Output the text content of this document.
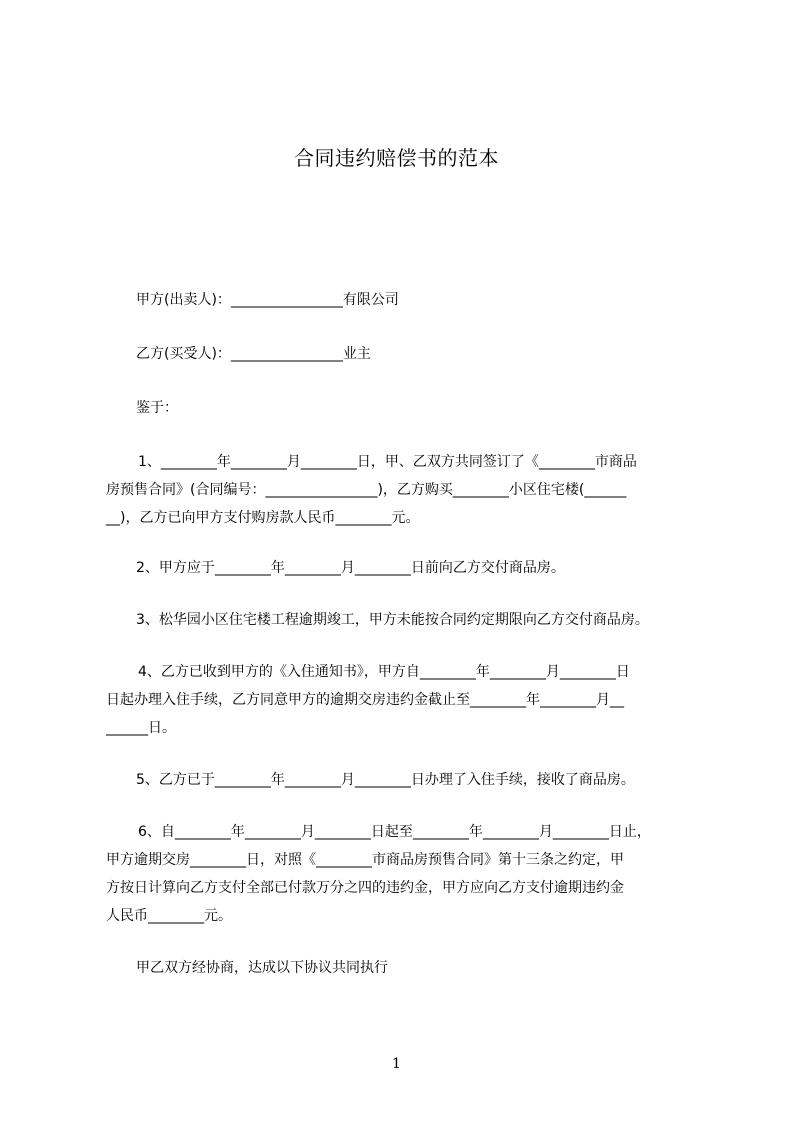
合同违约赔偿书的范本
甲方(出卖人)：________________有限公司
乙方(买受人)：________________业主
鉴于：
1、________年________月________日，甲、乙双方共同签订了《________市商品
房预售合同》(合同编号：________________)，乙方购买________小区住宅楼(______
__)，乙方已向甲方支付购房款人民币________元。
2、甲方应于________年________月________日前向乙方交付商品房。
3、松华园小区住宅楼工程逾期竣工，甲方未能按合同约定期限向乙方交付商品房。
4、乙方已收到甲方的《入住通知书》，甲方自________年________月________日
日起办理入住手续，乙方同意甲方的逾期交房违约金截止至________年________月__
______日。
5、乙方已于________年________月________日办理了入住手续，接收了商品房。
6、自________年________月________日起至________年________月________日止，
甲方逾期交房________日，对照《________市商品房预售合同》第十三条之约定，甲
方按日计算向乙方支付全部已付款万分之四的违约金，甲方应向乙方支付逾期违约金
人民币________元。
甲乙双方经协商，达成以下协议共同执行
1
